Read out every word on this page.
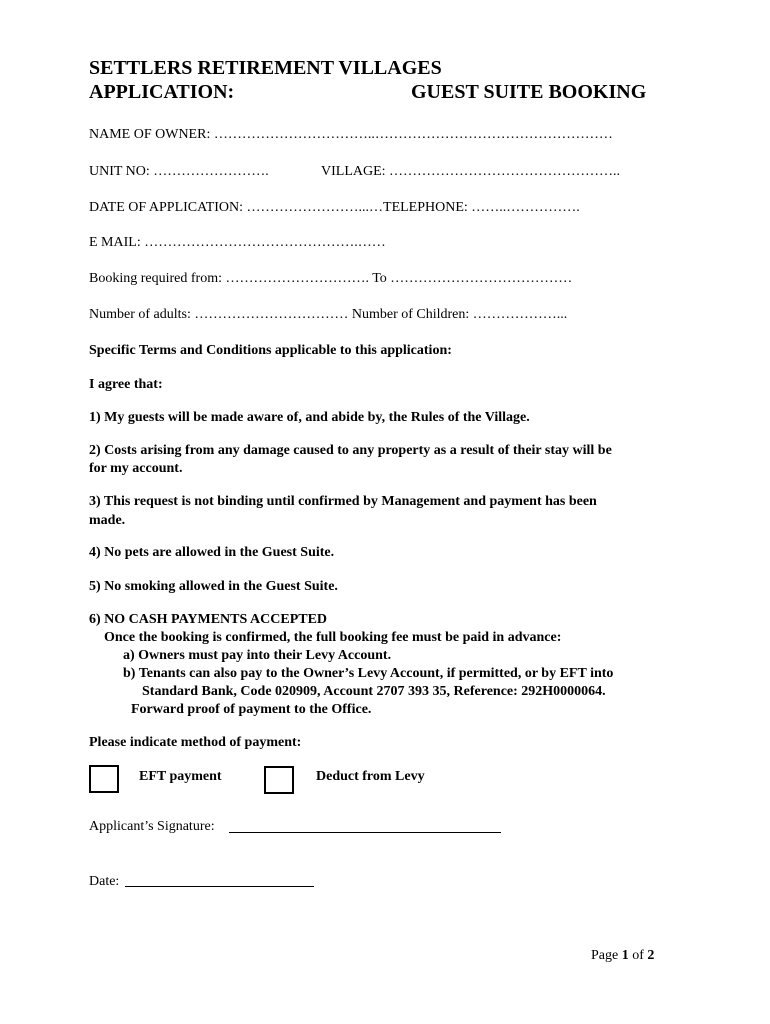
SETTLERS RETIREMENT VILLAGES
APPLICATION:	GUEST SUITE BOOKING
NAME OF OWNER: ……………………………..……………………………………………
UNIT NO: …………………….	VILLAGE: …………………………………………..
DATE OF APPLICATION: ……………………...…TELEPHONE: ……..…………….
E MAIL: ……………………………………….……
Booking required from: …………………………. To …………………………………
Number of adults: …………………………… Number of Children: ………………...
Specific Terms and Conditions applicable to this application:
I agree that:
1) My guests will be made aware of, and abide by, the Rules of the Village.
2) Costs arising from any damage caused to any property as a result of their stay will be
for my account.
3) This request is not binding until confirmed by Management and payment has been
made.
4) No pets are allowed in the Guest Suite.
5) No smoking allowed in the Guest Suite.
6) NO CASH PAYMENTS ACCEPTED
Once the booking is confirmed, the full booking fee must be paid in advance:
a) Owners must pay into their Levy Account.
b) Tenants can also pay to the Owner’s Levy Account, if permitted, or by EFT into
Standard Bank, Code 020909, Account 2707 393 35, Reference: 292H0000064.
Forward proof of payment to the Office.
Please indicate method of payment:
EFT payment	Deduct from Levy
Applicant’s Signature:
Date:
Page 1 of 2
